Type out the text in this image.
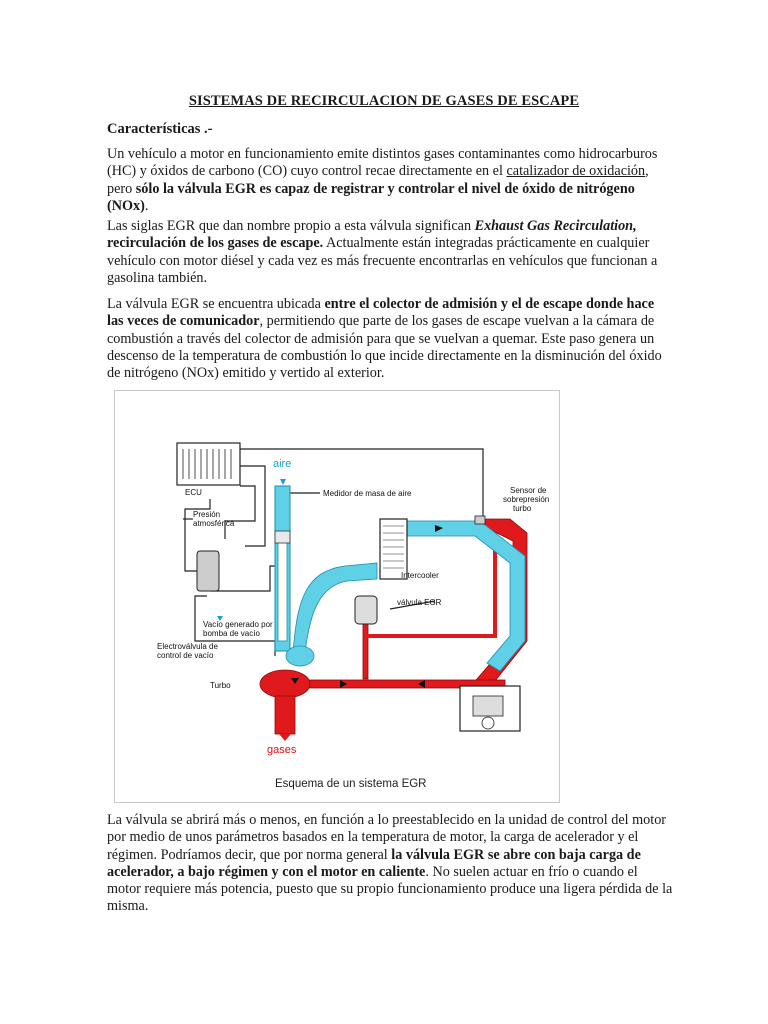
SISTEMAS DE RECIRCULACION DE GASES DE ESCAPE
Características .-
Un vehículo a motor en funcionamiento emite distintos gases contaminantes como hidrocarburos (HC) y óxidos de carbono (CO) cuyo control recae directamente en el catalizador de oxidación, pero sólo la válvula EGR es capaz de registrar y controlar el nivel de óxido de nitrógeno (NOx).
Las siglas EGR que dan nombre propio a esta válvula significan Exhaust Gas Recirculation, recirculación de los gases de escape. Actualmente están integradas prácticamente en cualquier vehículo con motor diésel y cada vez es más frecuente encontrarlas en vehículos que funcionan a gasolina también.
La válvula EGR se encuentra ubicada entre el colector de admisión y el de escape donde hace las veces de comunicador, permitiendo que parte de los gases de escape vuelvan a la cámara de combustión a través del colector de admisión para que se vuelvan a quemar. Este paso genera un descenso de la temperatura de combustión lo que incide directamente en la disminución del óxido de nitrógeno (NOx) emitido y vertido al exterior.
aire
ECU	Medidor de masa de aire	Sensor de
sobrepresión
turbo
Presión
atmosférica
Intercooler
válvula EGR
Vacío generado por
bomba de vacío
Electroválvula de
control de vacío
Turbo
gases
Esquema de un sistema EGR
La válvula se abrirá más o menos, en función a lo preestablecido en la unidad de control del motor por medio de unos parámetros basados en la temperatura de motor, la carga de acelerador y el régimen. Podríamos decir, que por norma general la válvula EGR se abre con baja carga de acelerador, a bajo régimen y con el motor en caliente. No suelen actuar en frío o cuando el motor requiere más potencia, puesto que su propio funcionamiento produce una ligera pérdida de la misma.
